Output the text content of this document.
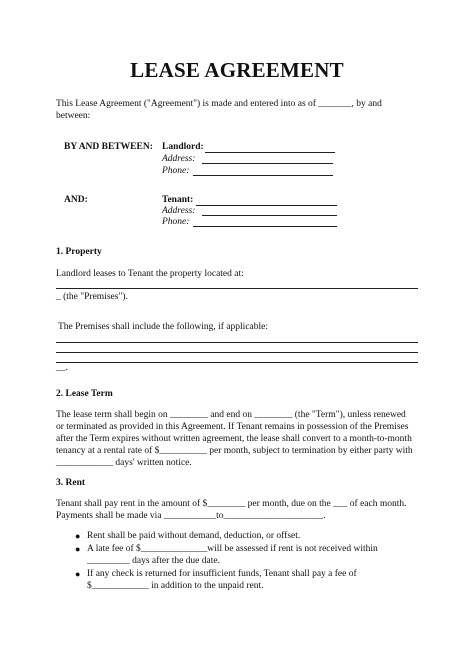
LEASE AGREEMENT
This Lease Agreement ("Agreement") is made and entered into as of _______, by and
between:
BY AND BETWEEN: Landlord:
Address:
Phone:
AND:	Tenant:
Address:
Phone:
1. Property
Landlord leases to Tenant the property located at:
_ (the "Premises").
The Premises shall include the following, if applicable:
__.
2. Lease Term
The lease term shall begin on ________ and end on ________ (the "Term"), unless renewed
or terminated as provided in this Agreement. If Tenant remains in possession of the Premises
after the Term expires without written agreement, the lease shall convert to a month-to-month
tenancy at a rental rate of $__________ per month, subject to termination by either party with
____________ days' written notice.
3. Rent
Tenant shall pay rent in the amount of $________ per month, due on the ___ of each month.
Payments shall be made via ___________to_____________________.
● Rent shall be paid without demand, deduction, or offset.
● A late fee of $______________will be assessed if rent is not received within
_________ days after the due date.
● If any check is returned for insufficient funds, Tenant shall pay a fee of
$____________ in addition to the unpaid rent.
